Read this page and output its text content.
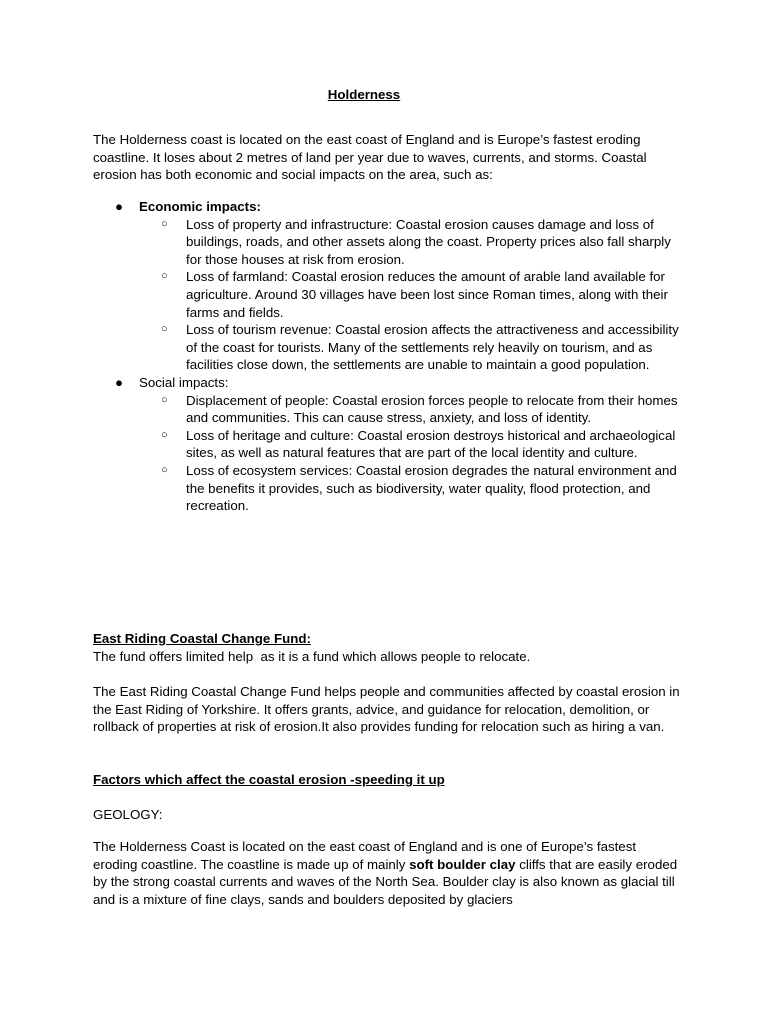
Holderness

The Holderness coast is located on the east coast of England and is Europe’s fastest eroding coastline. It loses about 2 metres of land per year due to waves, currents, and storms. Coastal erosion has both economic and social impacts on the area, such as:

● Economic impacts:
○ Loss of property and infrastructure: Coastal erosion causes damage and loss of buildings, roads, and other assets along the coast. Property prices also fall sharply for those houses at risk from erosion.
○ Loss of farmland: Coastal erosion reduces the amount of arable land available for agriculture. Around 30 villages have been lost since Roman times, along with their farms and fields.
○ Loss of tourism revenue: Coastal erosion affects the attractiveness and accessibility of the coast for tourists. Many of the settlements rely heavily on tourism, and as facilities close down, the settlements are unable to maintain a good population.
● Social impacts:
○ Displacement of people: Coastal erosion forces people to relocate from their homes and communities. This can cause stress, anxiety, and loss of identity.
○ Loss of heritage and culture: Coastal erosion destroys historical and archaeological sites, as well as natural features that are part of the local identity and culture.
○ Loss of ecosystem services: Coastal erosion degrades the natural environment and the benefits it provides, such as biodiversity, water quality, flood protection, and recreation.
East Riding Coastal Change Fund:
The fund offers limited help  as it is a fund which allows people to relocate.

The East Riding Coastal Change Fund helps people and communities affected by coastal erosion in the East Riding of Yorkshire. It offers grants, advice, and guidance for relocation, demolition, or rollback of properties at risk of erosion.It also provides funding for relocation such as hiring a van.

Factors which affect the coastal erosion -speeding it up
GEOLOGY:

The Holderness Coast is located on the east coast of England and is one of Europe’s fastest eroding coastline. The coastline is made up of mainly soft boulder clay cliffs that are easily eroded by the strong coastal currents and waves of the North Sea. Boulder clay is also known as glacial till and is a mixture of fine clays, sands and boulders deposited by glaciers
